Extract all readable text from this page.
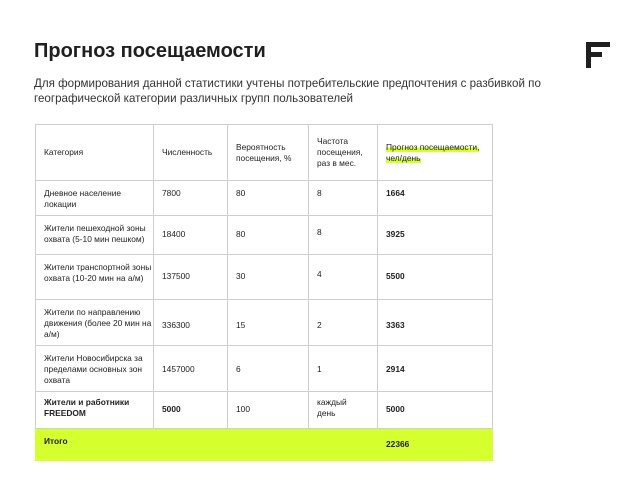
Прогноз посещаемости
Для формирования данной статистики учтены потребительские предпочтения с разбивкой по географической категории различных групп пользователей
Категория	Численность	Вероятность посещения, %	Частота посещения, раз в мес.	Прогноз посещаемости, чел/день
Дневное население локации	7800	80	8	1664
Жители пешеходной зоны охвата (5-10 мин пешком)	18400	80	8	3925
Жители транспортной зоны охвата (10-20 мин на а/м)	137500	30	4	5500
Жители по направлению движения (более 20 мин на а/м)	336300	15	2	3363
Жители Новосибирска за пределами основных зон охвата	1457000	6	1	2914
Жители и работники FREEDOM	5000	100	каждый день	5000
Итого				22366
